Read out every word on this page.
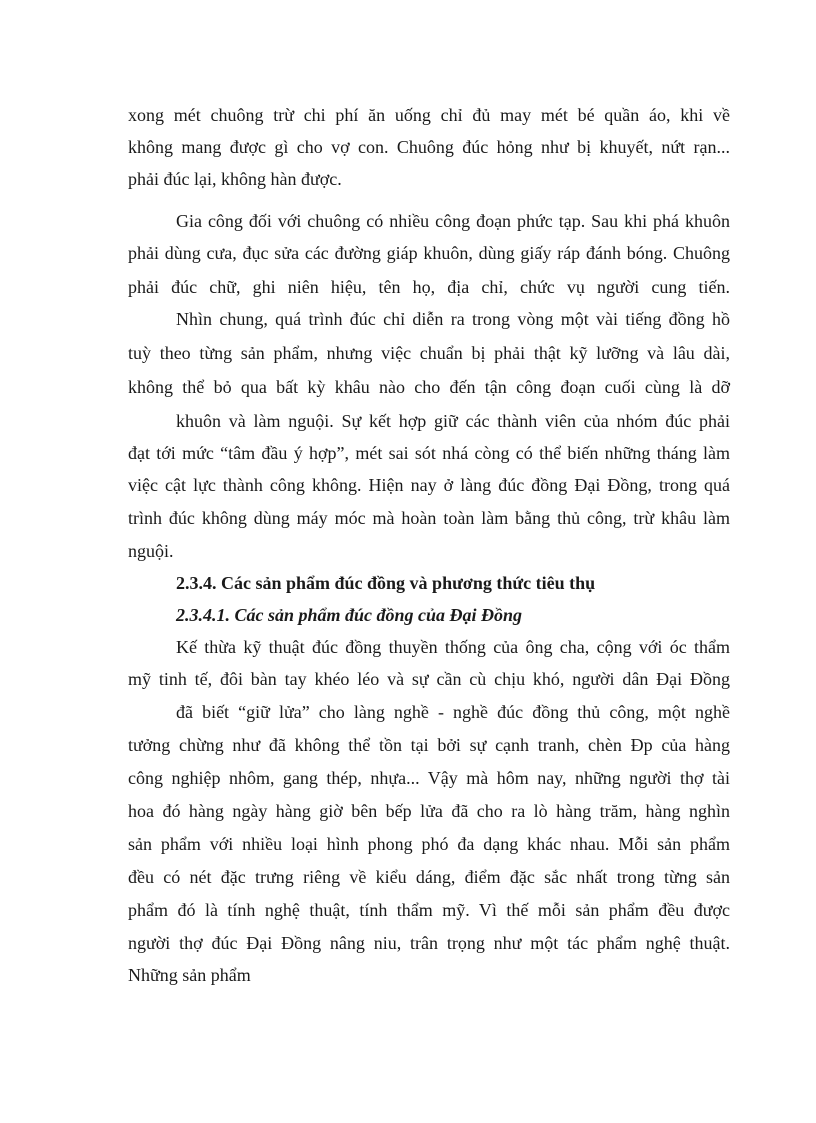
xong mét chuông trừ chi phí ăn uống chỉ đủ may mét bé quần áo, khi về
không mang được gì cho vợ con. Chuông đúc hỏng như bị khuyết, nứt rạn...
phải đúc lại, không hàn được.
Gia công đối với chuông có nhiều công đoạn phức tạp. Sau khi phá khuôn
phải dùng cưa, đục sửa các đường giáp khuôn, dùng giấy ráp đánh bóng. Chuông
phải đúc chữ, ghi niên hiệu, tên họ, địa chỉ, chức vụ người cung tiến.
Nhìn chung, quá trình đúc chỉ diễn ra trong vòng một vài tiếng đồng hồ
tuỳ theo từng sản phẩm, nhưng việc chuẩn bị phải thật kỹ lưỡng và lâu dài,
không thể bỏ qua bất kỳ khâu nào cho đến tận công đoạn cuối cùng là dỡ
khuôn và làm nguội. Sự kết hợp giữ các thành viên của nhóm đúc phải
đạt tới mức “tâm đầu ý hợp”, mét sai sót nhá còng có thể biến những tháng làm
việc cật lực thành công không. Hiện nay ở làng đúc đồng Đại Đồng, trong quá
trình đúc không dùng máy móc mà hoàn toàn làm bằng thủ công, trừ khâu làm
nguội.
2.3.4. Các sản phẩm đúc đồng và phương thức tiêu thụ
2.3.4.1. Các sản phẩm đúc đồng của Đại Đồng
Kế thừa kỹ thuật đúc đồng thuyền thống của ông cha, cộng với óc thẩm
mỹ tinh tế, đôi bàn tay khéo léo và sự cần cù chịu khó, người dân Đại Đồng
đã biết “giữ lửa” cho làng nghề - nghề đúc đồng thủ công, một nghề
tưởng chừng như đã không thể tồn tại bởi sự cạnh tranh, chèn Đp của hàng
công nghiệp nhôm, gang thép, nhựa... Vậy mà hôm nay, những người thợ tài
hoa đó hàng ngày hàng giờ bên bếp lửa đã cho ra lò hàng trăm, hàng nghìn
sản phẩm với nhiều loại hình phong phó đa dạng khác nhau. Mỗi sản phẩm
đều có nét đặc trưng riêng về kiểu dáng, điểm đặc sắc nhất trong từng sản
phẩm đó là tính nghệ thuật, tính thẩm mỹ. Vì thế mỗi sản phẩm đều được
người thợ đúc Đại Đồng nâng niu, trân trọng như một tác phẩm nghệ thuật.
Những sản phẩm
